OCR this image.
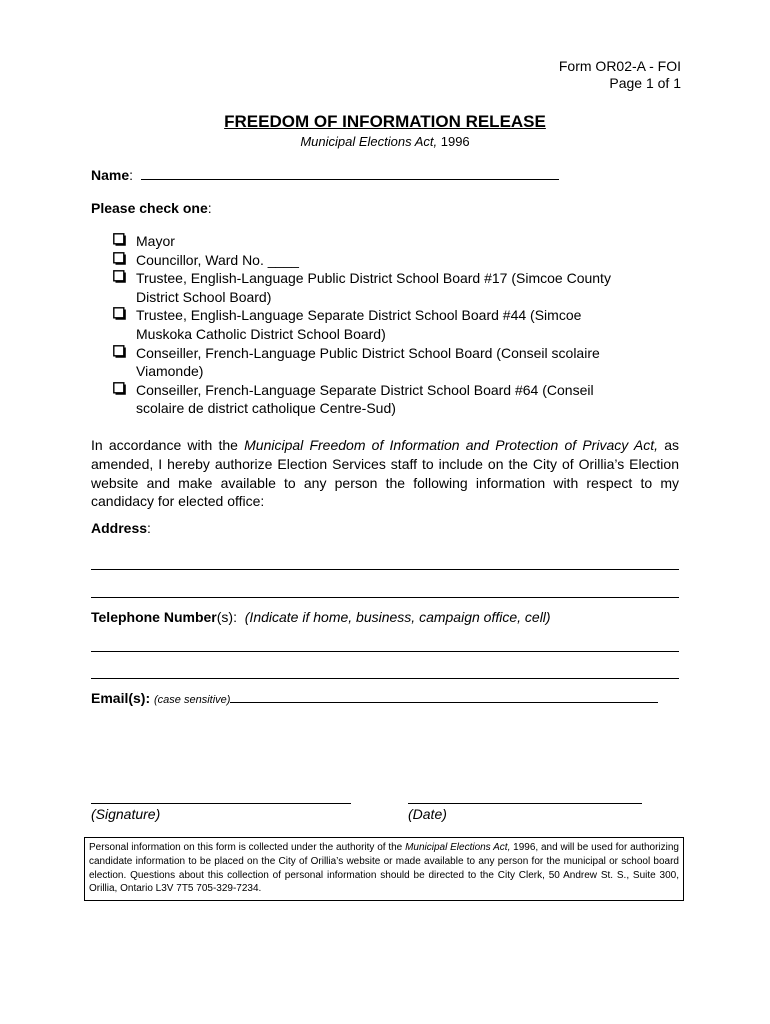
Form OR02-A - FOI
Page 1 of 1
FREEDOM OF INFORMATION RELEASE
Municipal Elections Act, 1996
Name:
Please check one:
Mayor
Councillor, Ward No. ____
Trustee, English-Language Public District School Board #17 (Simcoe County
District School Board)
Trustee, English-Language Separate District School Board #44 (Simcoe
Muskoka Catholic District School Board)
Conseiller, French-Language Public District School Board (Conseil scolaire
Viamonde)
Conseiller, French-Language Separate District School Board #64 (Conseil
scolaire de district catholique Centre-Sud)
In accordance with the Municipal Freedom of Information and Protection of Privacy Act, as amended, I hereby authorize Election Services staff to include on the City of Orillia’s Election website and make available to any person the following information with respect to my candidacy for elected office:
Address:
Telephone Number(s): (Indicate if home, business, campaign office, cell)
Email(s): (case sensitive)
(Signature)	(Date)
Personal information on this form is collected under the authority of the Municipal Elections Act, 1996, and will be used for authorizing candidate information to be placed on the City of Orillia’s website or made available to any person for the municipal or school board election. Questions about this collection of personal information should be directed to the City Clerk, 50 Andrew St. S., Suite 300, Orillia, Ontario L3V 7T5 705-329-7234.
